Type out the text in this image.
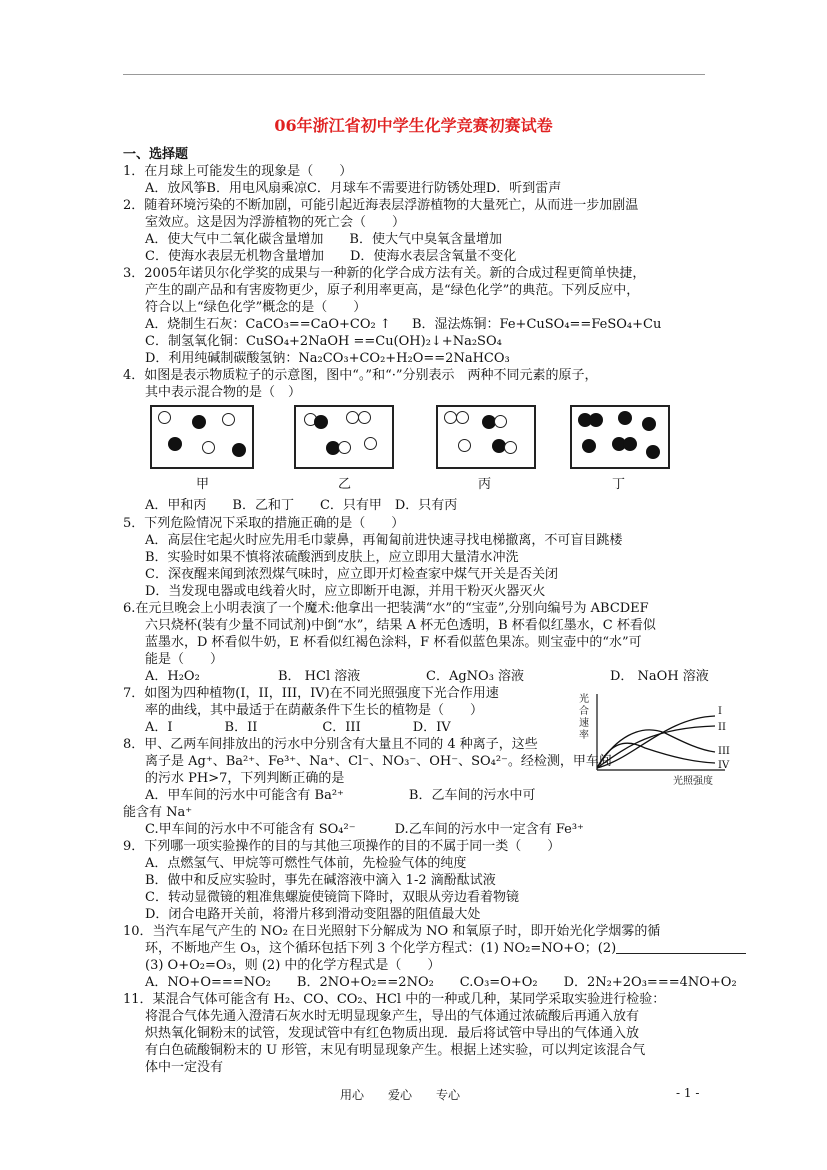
06年浙江省初中学生化学竞赛初赛试卷
一、选择题
1．在月球上可能发生的现象是（　　）
A．放风筝B．用电风扇乘凉C．月球车不需要进行防锈处理D．听到雷声
2．随着环境污染的不断加剧，可能引起近海表层浮游植物的大量死亡，从而进一步加剧温
室效应。这是因为浮游植物的死亡会（　　）
A．使大气中二氧化碳含量增加　　B．使大气中臭氧含量增加
C．使海水表层无机物含量增加　　D．使海水表层含氧量不变化
3．2005年诺贝尔化学奖的成果与一种新的化学合成方法有关。新的合成过程更简单快捷，
产生的副产品和有害废物更少，原子利用率更高，是“绿色化学”的典范。下列反应中，
符合以上“绿色化学”概念的是（　　）
A．烧制生石灰：CaCO₃==CaO+CO₂ ↑ B．湿法炼铜：Fe+CuSO₄==FeSO₄+Cu
C．制氢氧化铜：CuSO₄+2NaOH ==Cu(OH)₂↓+Na₂SO₄
D．利用纯碱制碳酸氢钠：Na₂CO₃+CO₂+H₂O==2NaHCO₃
4．如图是表示物质粒子的示意图，图中“。”和“·”分别表示　两种不同元素的原子，
其中表示混合物的是（　）
甲	乙	丙	丁
A．甲和丙　　B．乙和丁　　C．只有甲　D．只有丙
5．下列危险情况下采取的措施正确的是（　　）
A．高层住宅起火时应先用毛巾蒙鼻，再匍匐前进快速寻找电梯撤离，不可盲目跳楼
B．实验时如果不慎将浓硫酸洒到皮肤上，应立即用大量清水冲洗
C．深夜醒来闻到浓烈煤气味时，应立即开灯检查家中煤气开关是否关闭
D．当发现电器或电线着火时，应立即断开电源，并用干粉灭火器灭火
6.在元旦晚会上小明表演了一个魔术:他拿出一把装满“水”的“宝壶”,分别向编号为 ABCDEF
六只烧杯(装有少量不同试剂)中倒“水”，结果 A 杯无色透明，B 杯看似红墨水，C 杯看似
蓝墨水，D 杯看似牛奶，E 杯看似红褐色涂料，F 杯看似蓝色果冻。则宝壶中的“水”可
能是（　　）
A．H₂O₂	B． HCl 溶液	C．AgNO₃ 溶液	D． NaOH 溶液
7．如图为四种植物(I，II，III，IV)在不同光照强度下光合作用速
率的曲线，其中最适于在荫蔽条件下生长的植物是（　　）
A．I　　　　B．II　　　　　C．III　　　　D．IV
光
合
速
率
I
II
III
IV
光照强度
8．甲、乙两车间排放出的污水中分别含有大量且不同的 4 种离子，这些
离子是 Ag⁺、Ba²⁺、Fe³⁺、Na⁺、Cl⁻、NO₃⁻、OH⁻、SO₄²⁻。经检测，甲车间
的污水 PH>7，下列判断正确的是
A．甲车间的污水中可能含有 Ba²⁺　　　　　B．乙车间的污水中可
能含有 Na⁺
C.甲车间的污水中不可能含有 SO₄²⁻　　　D.乙车间的污水中一定含有 Fe³⁺
9．下列哪一项实验操作的目的与其他三项操作的目的不属于同一类（　　）
A．点燃氢气、甲烷等可燃性气体前，先检验气体的纯度
B．做中和反应实验时，事先在碱溶液中滴入 1-2 滴酚酞试液
C．转动显微镜的粗准焦螺旋使镜筒下降时，双眼从旁边看着物镜
D．闭合电路开关前，将滑片移到滑动变阻器的阻值最大处
10．当汽车尾气产生的 NO₂ 在日光照射下分解成为 NO 和氧原子时，即开始光化学烟雾的循
环，不断地产生 O₃，这个循环包括下列 3 个化学方程式：(1) NO₂=NO+O；(2)
(3) O+O₂=O₃，则 (2) 中的化学方程式是（　　）
A．NO+O===NO₂　　B．2NO+O₂==2NO₂　　C.O₃=O+O₂　　D．2N₂+2O₃===4NO+O₂
11．某混合气体可能含有 H₂、CO、CO₂、HCl 中的一种或几种，某同学采取实验进行检验：
将混合气体先通入澄清石灰水时无明显现象产生，导出的气体通过浓硫酸后再通入放有
炽热氧化铜粉末的试管，发现试管中有红色物质出现．最后将试管中导出的气体通入放
有白色硫酸铜粉末的 U 形管，末见有明显现象产生。根据上述实验，可以判定该混合气
体中一定没有
用心　　爱心　　专心	- 1 -
